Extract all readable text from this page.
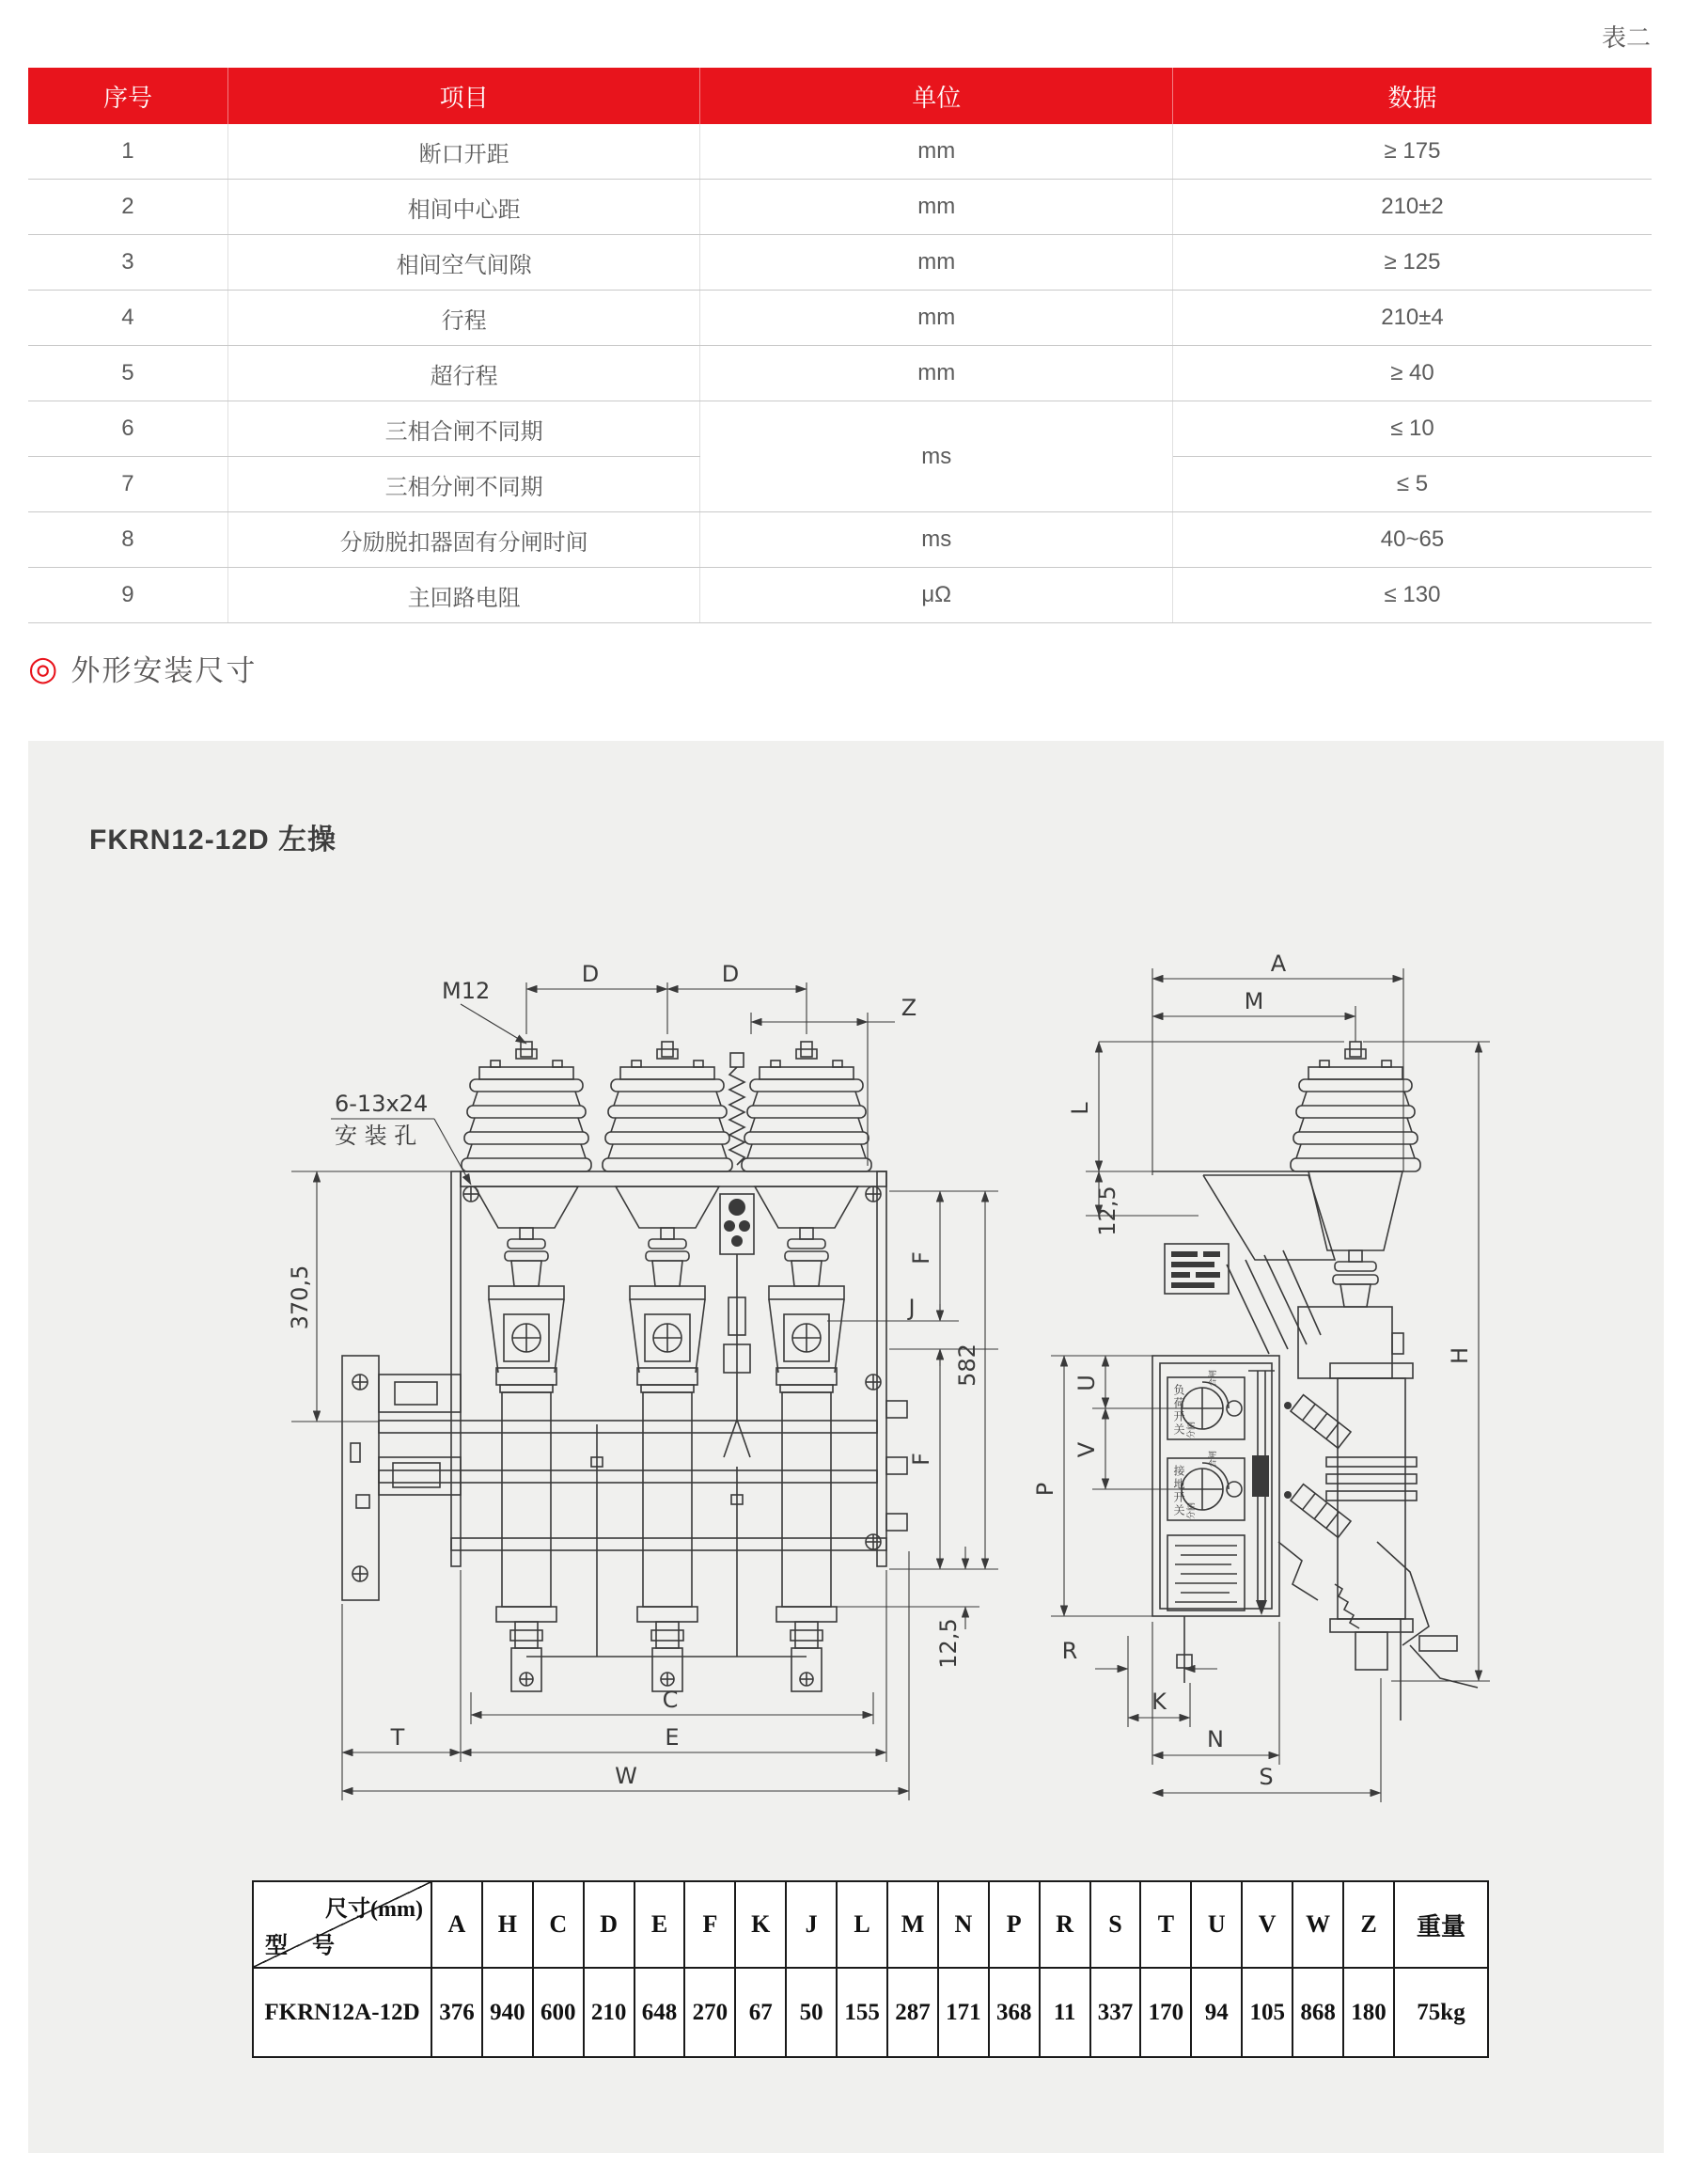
表二
序号	项目	单位	数据
1	断口开距	mm	≥ 175
2	相间中心距	mm	210±2
3	相间空气间隙	mm	≥ 125
4	行程	mm	210±4
5	超行程	mm	≥ 40
6	三相合闸不同期	ms	≤ 10
7	三相分闸不同期		≤ 5
8	分励脱扣器固有分闸时间	ms	40~65
9	主回路电阻	μΩ	≤ 130
◎ 外形安装尺寸
FKRN12-12D 左操
M12
D	D
Z
6-13x24
安 装 孔
370,5
F
J
582
F
12,5
C
E
T
W
A
M
L
12,5
H
P
U
V
R
K
N
S
负荷开关
接地开关
合闸
分闸
合闸
分闸
尺寸(mm)
型 号	A	H	C	D	E	F	K	J	L	M	N	P	R	S	T	U	V	W	Z	重量
FKRN12A-12D	376	940	600	210	648	270	67	50	155	287	171	368	11	337	170	94	105	868	180	75kg
